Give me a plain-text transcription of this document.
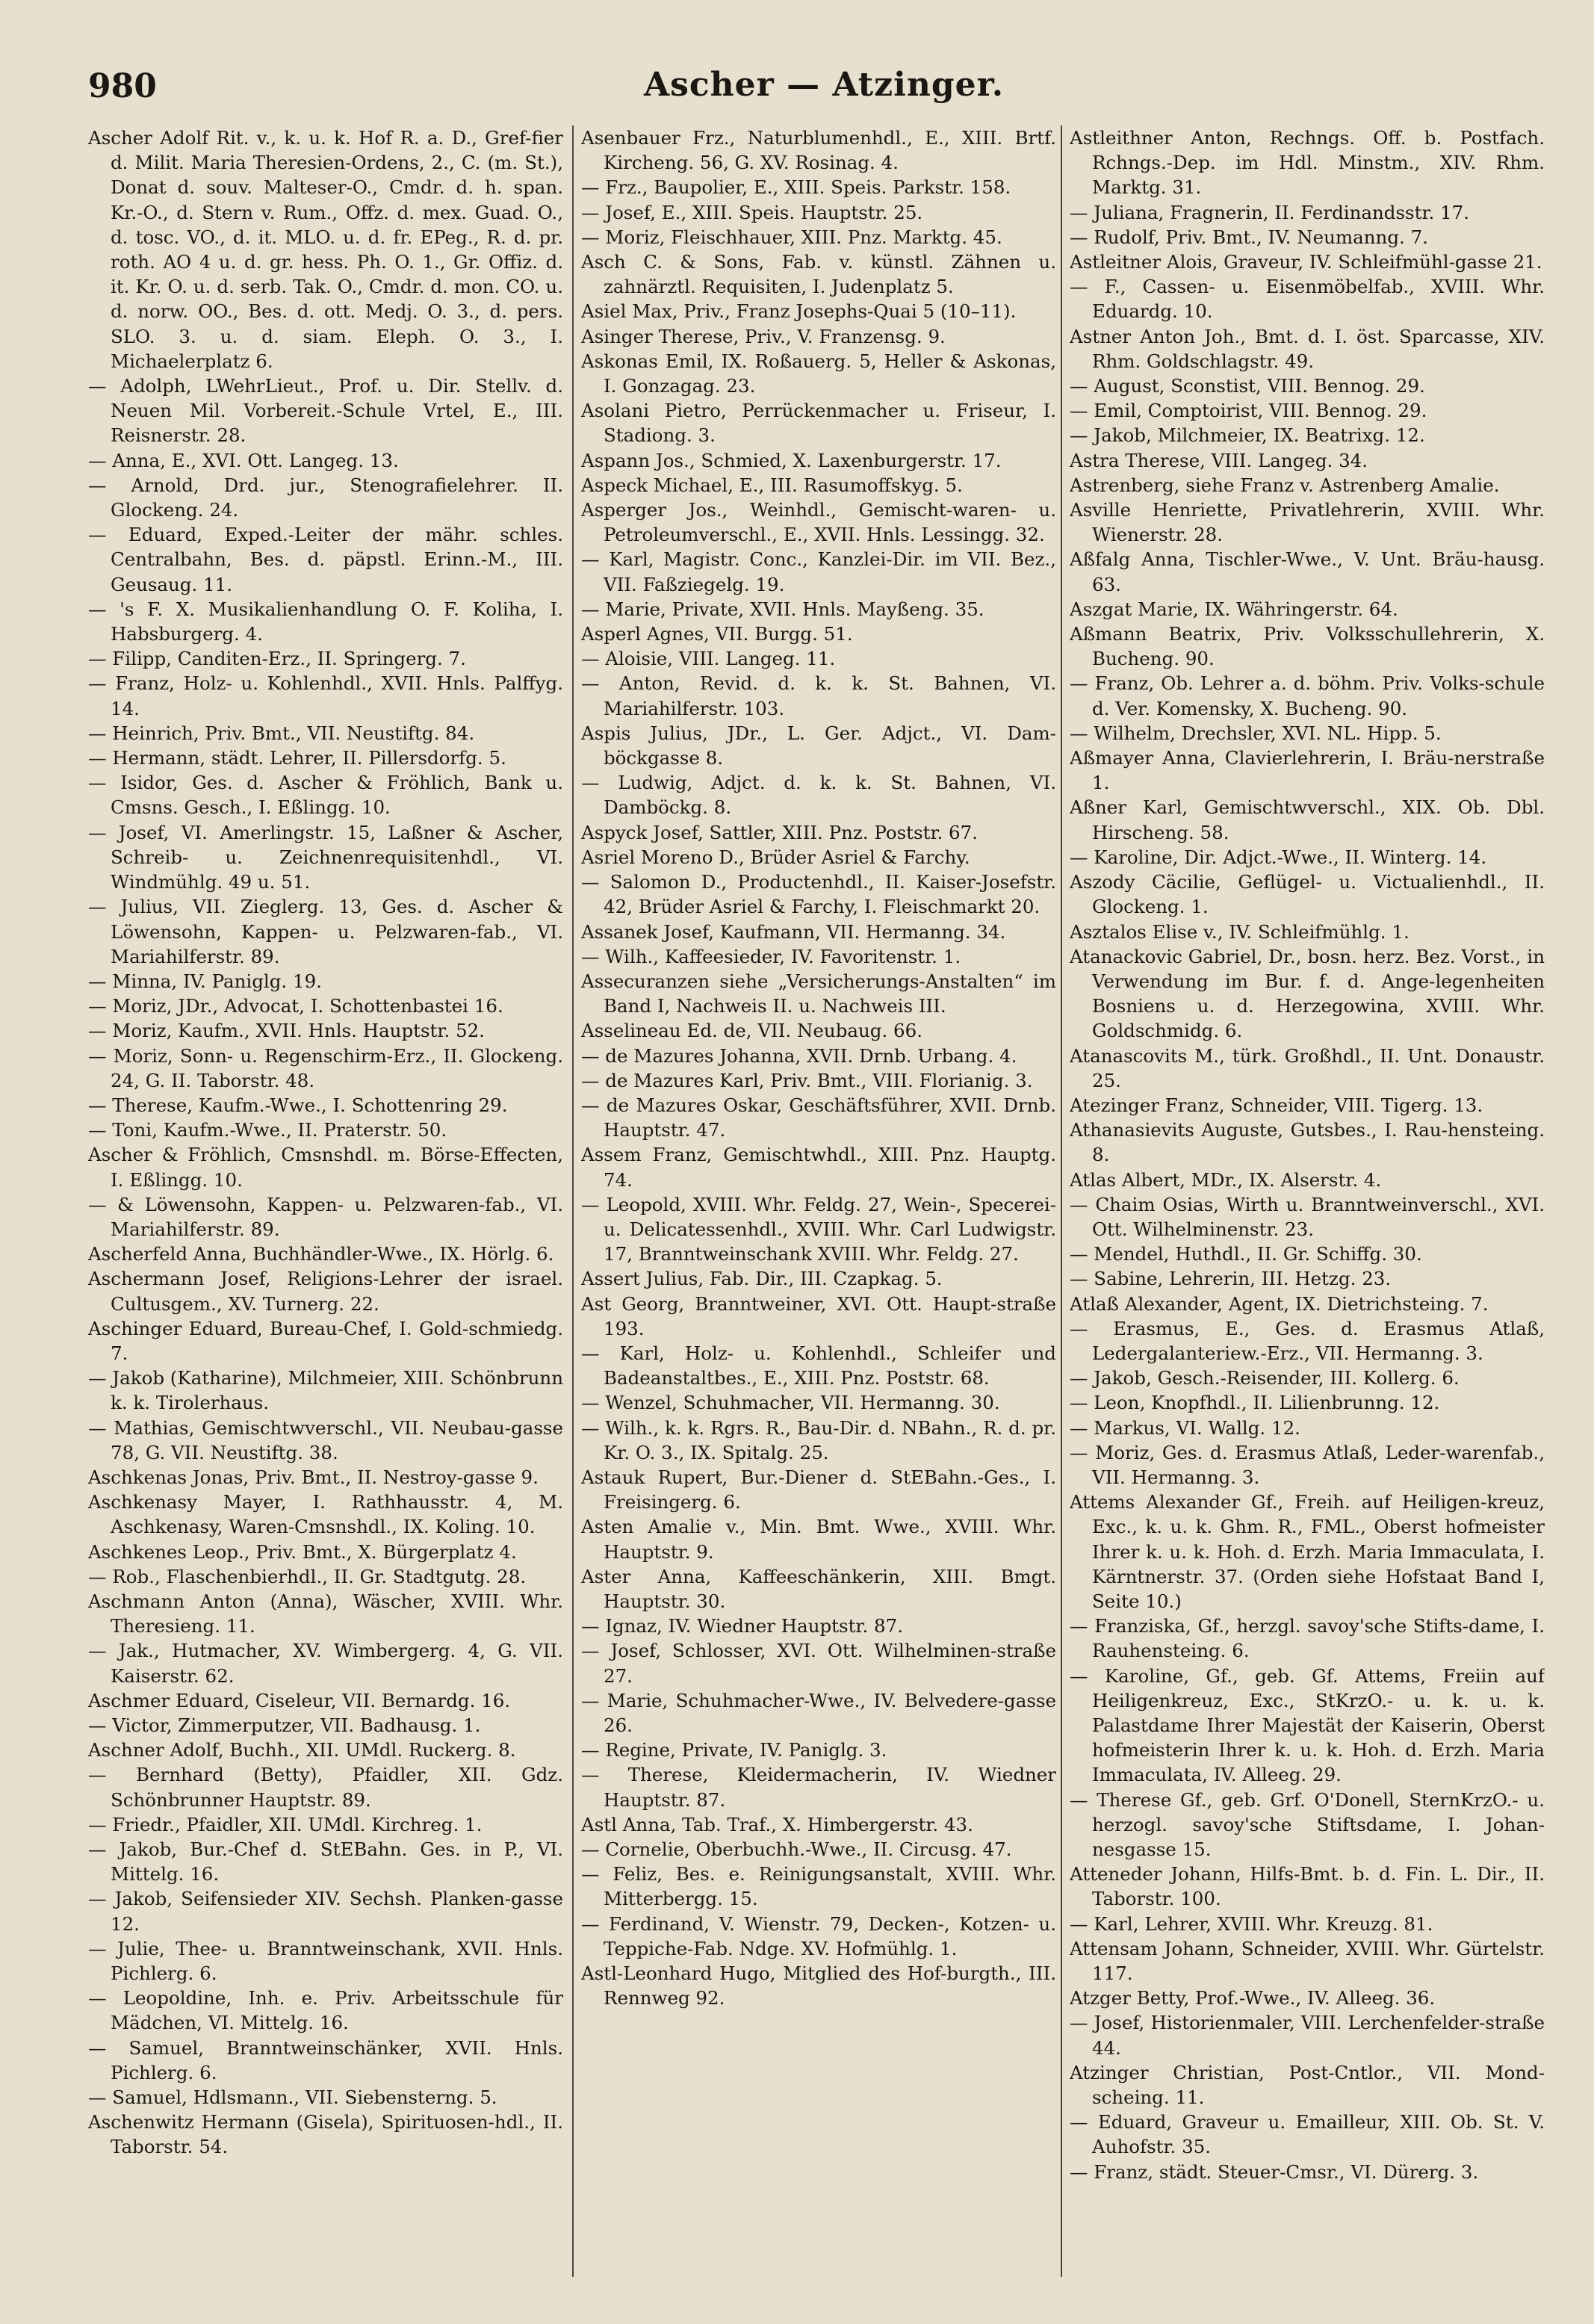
980	Ascher — Atzinger.

Ascher Adolf Rit. v., k. u. k. Hof R. a. D., Gref-fier d. Milit. Maria Theresien-Ordens, 2., C. (m. St.), Donat d. souv. Malteser-O., Cmdr. d. h. span. Kr.-O., d. Stern v. Rum., Offz. d. mex. Guad. O., d. tosc. VO., d. it. MLO. u. d. fr. EPeg., R. d. pr. roth. AO 4 u. d. gr. hess. Ph. O. 1., Gr. Offiz. d. it. Kr. O. u. d. serb. Tak. O., Cmdr. d. mon. CO. u. d. norw. OO., Bes. d. ott. Medj. O. 3., d. pers. SLO. 3. u. d. siam. Eleph. O. 3., I. Michaelerplatz 6.

— Adolph, LWehrLieut., Prof. u. Dir. Stellv. d. Neuen Mil. Vorbereit.-Schule Vrtel, E., III. Reisnerstr. 28.

— Anna, E., XVI. Ott. Langeg. 13.

— Arnold, Drd. jur., Stenografielehrer. II. Glockeng. 24.

— Eduard, Exped.-Leiter der mähr. schles. Centralbahn, Bes. d. päpstl. Erinn.-M., III. Geusaug. 11.

— 's F. X. Musikalienhandlung O. F. Koliha, I. Habsburgerg. 4.

— Filipp, Canditen-Erz., II. Springerg. 7.

— Franz, Holz- u. Kohlenhdl., XVII. Hnls. Palffyg. 14.

— Heinrich, Priv. Bmt., VII. Neustiftg. 84.

— Hermann, städt. Lehrer, II. Pillersdorfg. 5.

— Isidor, Ges. d. Ascher & Fröhlich, Bank u. Cmsns. Gesch., I. Eßlingg. 10.

— Josef, VI. Amerlingstr. 15, Laßner & Ascher, Schreib- u. Zeichnenrequisitenhdl., VI. Windmühlg. 49 u. 51.

— Julius, VII. Zieglerg. 13, Ges. d. Ascher & Löwensohn, Kappen- u. Pelzwaren-fab., VI. Mariahilferstr. 89.

— Minna, IV. Paniglg. 19.

— Moriz, JDr., Advocat, I. Schottenbastei 16.

— Moriz, Kaufm., XVII. Hnls. Hauptstr. 52.

— Moriz, Sonn- u. Regenschirm-Erz., II. Glockeng. 24, G. II. Taborstr. 48.

— Therese, Kaufm.-Wwe., I. Schottenring 29.

— Toni, Kaufm.-Wwe., II. Praterstr. 50.

Ascher & Fröhlich, Cmsnshdl. m. Börse-Effecten, I. Eßlingg. 10.

— & Löwensohn, Kappen- u. Pelzwaren-fab., VI. Mariahilferstr. 89.

Ascherfeld Anna, Buchhändler-Wwe., IX. Hörlg. 6.

Aschermann Josef, Religions-Lehrer der israel. Cultusgem., XV. Turnerg. 22.

Aschinger Eduard, Bureau-Chef, I. Gold-schmiedg. 7.

— Jakob (Katharine), Milchmeier, XIII. Schönbrunn k. k. Tirolerhaus.

— Mathias, Gemischtwverschl., VII. Neubau-gasse 78, G. VII. Neustiftg. 38.

Aschkenas Jonas, Priv. Bmt., II. Nestroy-gasse 9.

Aschkenasy Mayer, I. Rathhausstr. 4, M. Aschkenasy, Waren-Cmsnshdl., IX. Koling. 10.

Aschkenes Leop., Priv. Bmt., X. Bürgerplatz 4.

— Rob., Flaschenbierhdl., II. Gr. Stadtgutg. 28.

Aschmann Anton (Anna), Wäscher, XVIII. Whr. Theresieng. 11.

— Jak., Hutmacher, XV. Wimbergerg. 4, G. VII. Kaiserstr. 62.

Aschmer Eduard, Ciseleur, VII. Bernardg. 16.

— Victor, Zimmerputzer, VII. Badhausg. 1.

Aschner Adolf, Buchh., XII. UMdl. Ruckerg. 8.

— Bernhard (Betty), Pfaidler, XII. Gdz. Schönbrunner Hauptstr. 89.

— Friedr., Pfaidler, XII. UMdl. Kirchreg. 1.

— Jakob, Bur.-Chef d. StEBahn. Ges. in P., VI. Mittelg. 16.

— Jakob, Seifensieder XIV. Sechsh. Planken-gasse 12.

— Julie, Thee- u. Branntweinschank, XVII. Hnls. Pichlerg. 6.

— Leopoldine, Inh. e. Priv. Arbeitsschule für Mädchen, VI. Mittelg. 16.

— Samuel, Branntweinschänker, XVII. Hnls. Pichlerg. 6.

— Samuel, Hdlsmann., VII. Siebensterng. 5.

Aschenwitz Hermann (Gisela), Spirituosen-hdl., II. Taborstr. 54.

Asenbauer Frz., Naturblumenhdl., E., XIII. Brtf. Kircheng. 56, G. XV. Rosinag. 4.

— Frz., Baupolier, E., XIII. Speis. Parkstr. 158.

— Josef, E., XIII. Speis. Hauptstr. 25.

— Moriz, Fleischhauer, XIII. Pnz. Marktg. 45.

Asch C. & Sons, Fab. v. künstl. Zähnen u. zahnärztl. Requisiten, I. Judenplatz 5.

Asiel Max, Priv., Franz Josephs-Quai 5 (10–11).

Asinger Therese, Priv., V. Franzensg. 9.

Askonas Emil, IX. Roßauerg. 5, Heller & Askonas, I. Gonzagag. 23.

Asolani Pietro, Perrückenmacher u. Friseur, I. Stadiong. 3.

Aspann Jos., Schmied, X. Laxenburgerstr. 17.

Aspeck Michael, E., III. Rasumoffskyg. 5.

Asperger Jos., Weinhdl., Gemischt-waren- u. Petroleumverschl., E., XVII. Hnls. Lessingg. 32.

— Karl, Magistr. Conc., Kanzlei-Dir. im VII. Bez., VII. Faßziegelg. 19.

— Marie, Private, XVII. Hnls. Mayßeng. 35.

Asperl Agnes, VII. Burgg. 51.

— Aloisie, VIII. Langeg. 11.

— Anton, Revid. d. k. k. St. Bahnen, VI. Mariahilferstr. 103.

Aspis Julius, JDr., L. Ger. Adjct., VI. Dam-böckgasse 8.

— Ludwig, Adjct. d. k. k. St. Bahnen, VI. Damböckg. 8.

Aspyck Josef, Sattler, XIII. Pnz. Poststr. 67.

Asriel Moreno D., Brüder Asriel & Farchy.

— Salomon D., Productenhdl., II. Kaiser-Josefstr. 42, Brüder Asriel & Farchy, I. Fleischmarkt 20.

Assanek Josef, Kaufmann, VII. Hermanng. 34.

— Wilh., Kaffeesieder, IV. Favoritenstr. 1.

Assecuranzen siehe „Versicherungs-Anstalten“ im Band I, Nachweis II. u. Nachweis III.

Asselineau Ed. de, VII. Neubaug. 66.

— de Mazures Johanna, XVII. Drnb. Urbang. 4.

— de Mazures Karl, Priv. Bmt., VIII. Florianig. 3.

— de Mazures Oskar, Geschäftsführer, XVII. Drnb. Hauptstr. 47.

Assem Franz, Gemischtwhdl., XIII. Pnz. Hauptg. 74.

— Leopold, XVIII. Whr. Feldg. 27, Wein-, Specerei- u. Delicatessenhdl., XVIII. Whr. Carl Ludwigstr. 17, Branntweinschank XVIII. Whr. Feldg. 27.

Assert Julius, Fab. Dir., III. Czapkag. 5.

Ast Georg, Branntweiner, XVI. Ott. Haupt-straße 193.

— Karl, Holz- u. Kohlenhdl., Schleifer und Badeanstaltbes., E., XIII. Pnz. Poststr. 68.

— Wenzel, Schuhmacher, VII. Hermanng. 30.

— Wilh., k. k. Rgrs. R., Bau-Dir. d. NBahn., R. d. pr. Kr. O. 3., IX. Spitalg. 25.

Astauk Rupert, Bur.-Diener d. StEBahn.-Ges., I. Freisingerg. 6.

Asten Amalie v., Min. Bmt. Wwe., XVIII. Whr. Hauptstr. 9.

Aster Anna, Kaffeeschänkerin, XIII. Bmgt. Hauptstr. 30.

— Ignaz, IV. Wiedner Hauptstr. 87.

— Josef, Schlosser, XVI. Ott. Wilhelminen-straße 27.

— Marie, Schuhmacher-Wwe., IV. Belvedere-gasse 26.

— Regine, Private, IV. Paniglg. 3.

— Therese, Kleidermacherin, IV. Wiedner Hauptstr. 87.

Astl Anna, Tab. Traf., X. Himbergerstr. 43.

— Cornelie, Oberbuchh.-Wwe., II. Circusg. 47.

— Feliz, Bes. e. Reinigungsanstalt, XVIII. Whr. Mitterbergg. 15.

— Ferdinand, V. Wienstr. 79, Decken-, Kotzen- u. Teppiche-Fab. Ndge. XV. Hofmühlg. 1.

Astl-Leonhard Hugo, Mitglied des Hof-burgth., III. Rennweg 92.

Astleithner Anton, Rechngs. Off. b. Postfach. Rchngs.-Dep. im Hdl. Minstm., XIV. Rhm. Marktg. 31.

— Juliana, Fragnerin, II. Ferdinandsstr. 17.

— Rudolf, Priv. Bmt., IV. Neumanng. 7.

Astleitner Alois, Graveur, IV. Schleifmühl-gasse 21.

— F., Cassen- u. Eisenmöbelfab., XVIII. Whr. Eduardg. 10.

Astner Anton Joh., Bmt. d. I. öst. Sparcasse, XIV. Rhm. Goldschlagstr. 49.

— August, Sconstist, VIII. Bennog. 29.

— Emil, Comptoirist, VIII. Bennog. 29.

— Jakob, Milchmeier, IX. Beatrixg. 12.

Astra Therese, VIII. Langeg. 34.

Astrenberg, siehe Franz v. Astrenberg Amalie.

Asville Henriette, Privatlehrerin, XVIII. Whr. Wienerstr. 28.

Aßfalg Anna, Tischler-Wwe., V. Unt. Bräu-hausg. 63.

Aszgat Marie, IX. Währingerstr. 64.

Aßmann Beatrix, Priv. Volksschullehrerin, X. Bucheng. 90.

— Franz, Ob. Lehrer a. d. böhm. Priv. Volks-schule d. Ver. Komensky, X. Bucheng. 90.

— Wilhelm, Drechsler, XVI. NL. Hipp. 5.

Aßmayer Anna, Clavierlehrerin, I. Bräu-nerstraße 1.

Aßner Karl, Gemischtwverschl., XIX. Ob. Dbl. Hirscheng. 58.

— Karoline, Dir. Adjct.-Wwe., II. Winterg. 14.

Aszody Cäcilie, Geflügel- u. Victualienhdl., II. Glockeng. 1.

Asztalos Elise v., IV. Schleifmühlg. 1.

Atanackovic Gabriel, Dr., bosn. herz. Bez. Vorst., in Verwendung im Bur. f. d. Ange-legenheiten Bosniens u. d. Herzegowina, XVIII. Whr. Goldschmidg. 6.

Atanascovits M., türk. Großhdl., II. Unt. Donaustr. 25.

Atezinger Franz, Schneider, VIII. Tigerg. 13.

Athanasievits Auguste, Gutsbes., I. Rau-hensteing. 8.

Atlas Albert, MDr., IX. Alserstr. 4.

— Chaim Osias, Wirth u. Branntweinverschl., XVI. Ott. Wilhelminenstr. 23.

— Mendel, Huthdl., II. Gr. Schiffg. 30.

— Sabine, Lehrerin, III. Hetzg. 23.

Atlaß Alexander, Agent, IX. Dietrichsteing. 7.

— Erasmus, E., Ges. d. Erasmus Atlaß, Ledergalanteriew.-Erz., VII. Hermanng. 3.

— Jakob, Gesch.-Reisender, III. Kollerg. 6.

— Leon, Knopfhdl., II. Lilienbrunng. 12.

— Markus, VI. Wallg. 12.

— Moriz, Ges. d. Erasmus Atlaß, Leder-warenfab., VII. Hermanng. 3.

Attems Alexander Gf., Freih. auf Heiligen-kreuz, Exc., k. u. k. Ghm. R., FML., Oberst hofmeister Ihrer k. u. k. Hoh. d. Erzh. Maria Immaculata, I. Kärntnerstr. 37. (Orden siehe Hofstaat Band I, Seite 10.)

— Franziska, Gf., herzgl. savoy'sche Stifts-dame, I. Rauhensteing. 6.

— Karoline, Gf., geb. Gf. Attems, Freiin auf Heiligenkreuz, Exc., StKrzO.- u. k. u. k. Palastdame Ihrer Majestät der Kaiserin, Oberst hofmeisterin Ihrer k. u. k. Hoh. d. Erzh. Maria Immaculata, IV. Alleeg. 29.

— Therese Gf., geb. Grf. O'Donell, SternKrzO.- u. herzogl. savoy'sche Stiftsdame, I. Johan-nesgasse 15.

Atteneder Johann, Hilfs-Bmt. b. d. Fin. L. Dir., II. Taborstr. 100.

— Karl, Lehrer, XVIII. Whr. Kreuzg. 81.

Attensam Johann, Schneider, XVIII. Whr. Gürtelstr. 117.

Atzger Betty, Prof.-Wwe., IV. Alleeg. 36.

— Josef, Historienmaler, VIII. Lerchenfelder-straße 44.

Atzinger Christian, Post-Cntlor., VII. Mond-scheing. 11.

— Eduard, Graveur u. Emailleur, XIII. Ob. St. V. Auhofstr. 35.

— Franz, städt. Steuer-Cmsr., VI. Dürerg. 3.
